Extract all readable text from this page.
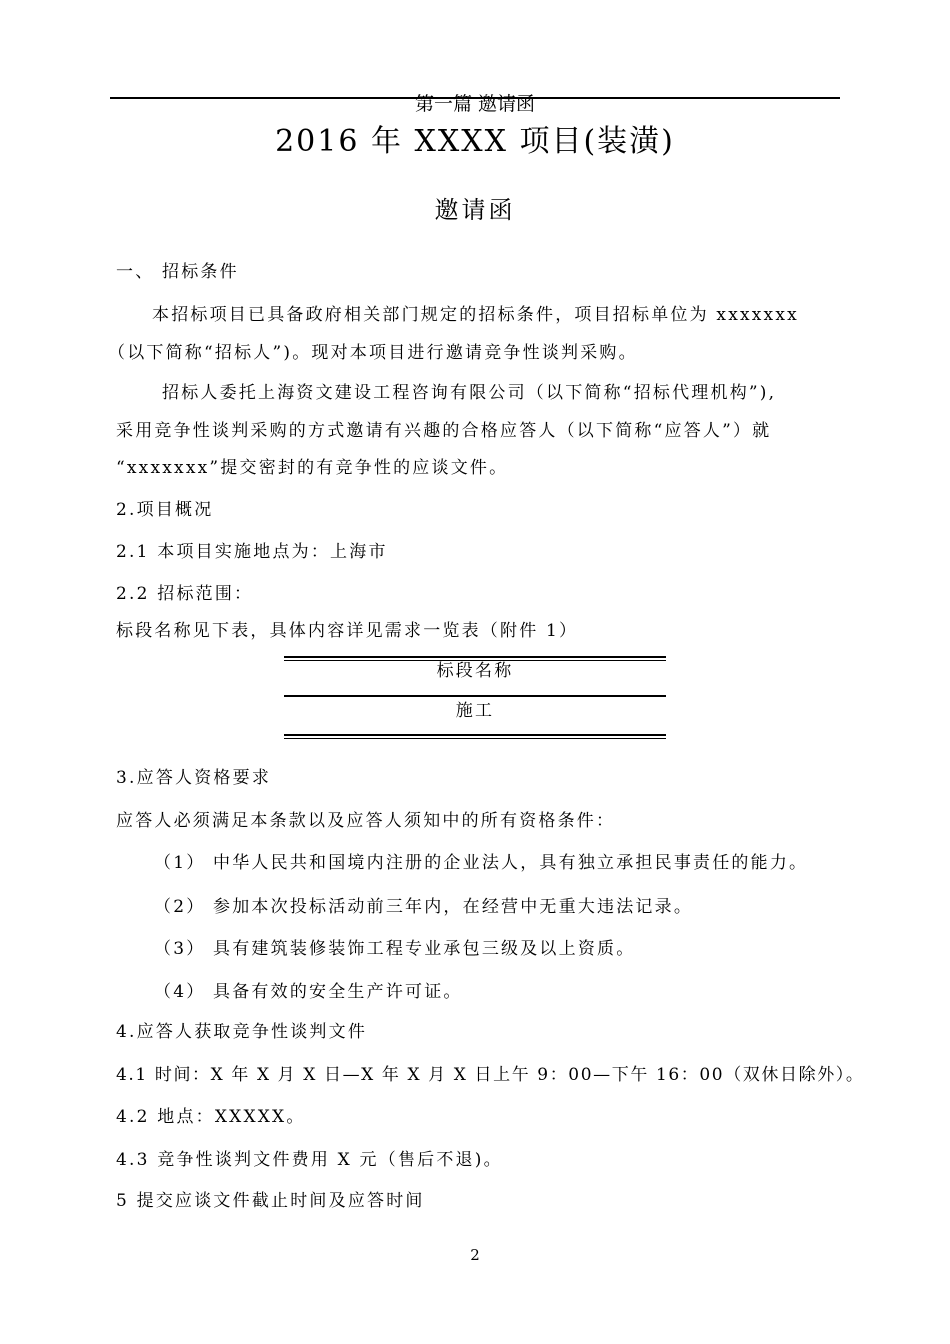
第一篇 邀请函
2016 年 XXXX 项目(装潢)
邀请函
一、 招标条件
本招标项目已具备政府相关部门规定的招标条件，项目招标单位为 xxxxxxx
（以下简称“招标人”)。现对本项目进行邀请竞争性谈判采购。
招标人委托上海资文建设工程咨询有限公司（以下简称“招标代理机构”),
采用竞争性谈判采购的方式邀请有兴趣的合格应答人（以下简称“应答人”）就
“xxxxxxx”提交密封的有竞争性的应谈文件。
2.项目概况
2.1 本项目实施地点为：上海市
2.2 招标范围：
标段名称见下表，具体内容详见需求一览表（附件 1）
标段名称
施工
3.应答人资格要求
应答人必须满足本条款以及应答人须知中的所有资格条件：
（1） 中华人民共和国境内注册的企业法人，具有独立承担民事责任的能力。
（2） 参加本次投标活动前三年内，在经营中无重大违法记录。
（3） 具有建筑装修装饰工程专业承包三级及以上资质。
（4） 具备有效的安全生产许可证。
4.应答人获取竞争性谈判文件
4.1 时间：X 年 X 月 X 日—X 年 X 月 X 日上午 9：00—下午 16：00（双休日除外）。
4.2 地点：XXXXX。
4.3 竞争性谈判文件费用 X 元（售后不退)。
5 提交应谈文件截止时间及应答时间
2
